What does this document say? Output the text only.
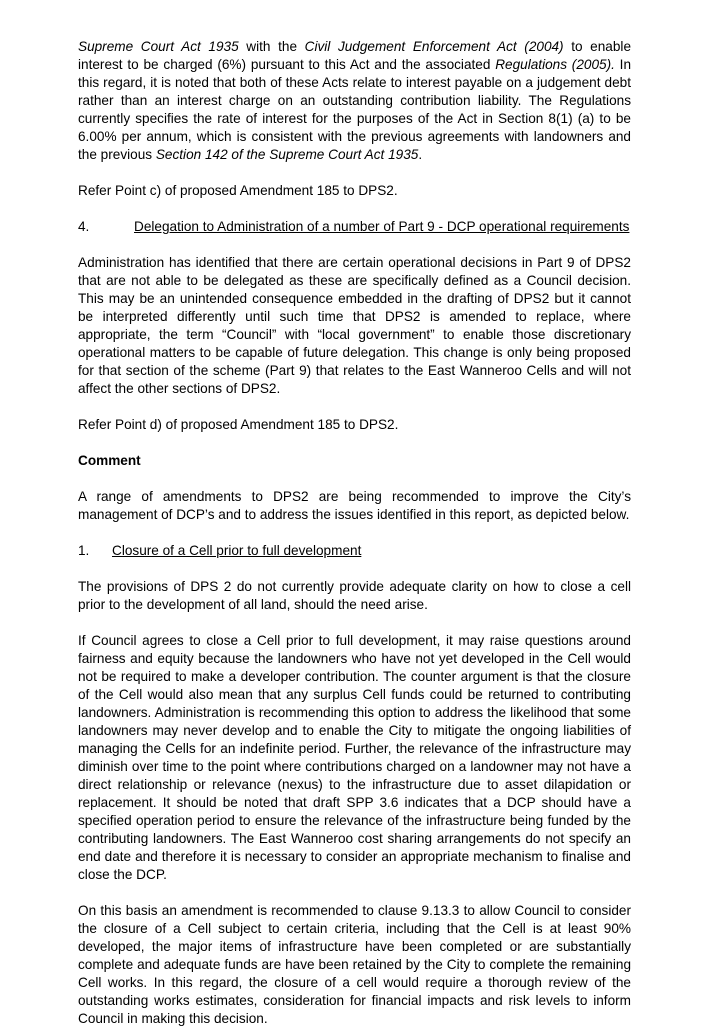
Supreme Court Act 1935 with the Civil Judgement Enforcement Act (2004) to enable interest to be charged (6%) pursuant to this Act and the associated Regulations (2005). In this regard, it is noted that both of these Acts relate to interest payable on a judgement debt rather than an interest charge on an outstanding contribution liability. The Regulations currently specifies the rate of interest for the purposes of the Act in Section 8(1) (a) to be 6.00% per annum, which is consistent with the previous agreements with landowners and the previous Section 142 of the Supreme Court Act 1935.

Refer Point c) of proposed Amendment 185 to DPS2.

4.	Delegation to Administration of a number of Part 9 - DCP operational requirements

Administration has identified that there are certain operational decisions in Part 9 of DPS2 that are not able to be delegated as these are specifically defined as a Council decision. This may be an unintended consequence embedded in the drafting of DPS2 but it cannot be interpreted differently until such time that DPS2 is amended to replace, where appropriate, the term “Council” with “local government” to enable those discretionary operational matters to be capable of future delegation. This change is only being proposed for that section of the scheme (Part 9) that relates to the East Wanneroo Cells and will not affect the other sections of DPS2.

Refer Point d) of proposed Amendment 185 to DPS2.

Comment

A range of amendments to DPS2 are being recommended to improve the City’s management of DCP’s and to address the issues identified in this report, as depicted below.

1.	Closure of a Cell prior to full development

The provisions of DPS 2 do not currently provide adequate clarity on how to close a cell prior to the development of all land, should the need arise.

If Council agrees to close a Cell prior to full development, it may raise questions around fairness and equity because the landowners who have not yet developed in the Cell would not be required to make a developer contribution. The counter argument is that the closure of the Cell would also mean that any surplus Cell funds could be returned to contributing landowners. Administration is recommending this option to address the likelihood that some landowners may never develop and to enable the City to mitigate the ongoing liabilities of managing the Cells for an indefinite period. Further, the relevance of the infrastructure may diminish over time to the point where contributions charged on a landowner may not have a direct relationship or relevance (nexus) to the infrastructure due to asset dilapidation or replacement. It should be noted that draft SPP 3.6 indicates that a DCP should have a specified operation period to ensure the relevance of the infrastructure being funded by the contributing landowners. The East Wanneroo cost sharing arrangements do not specify an end date and therefore it is necessary to consider an appropriate mechanism to finalise and close the DCP.

On this basis an amendment is recommended to clause 9.13.3 to allow Council to consider the closure of a Cell subject to certain criteria, including that the Cell is at least 90% developed, the major items of infrastructure have been completed or are substantially complete and adequate funds are have been retained by the City to complete the remaining Cell works. In this regard, the closure of a cell would require a thorough review of the outstanding works estimates, consideration for financial impacts and risk levels to inform Council in making this decision.
